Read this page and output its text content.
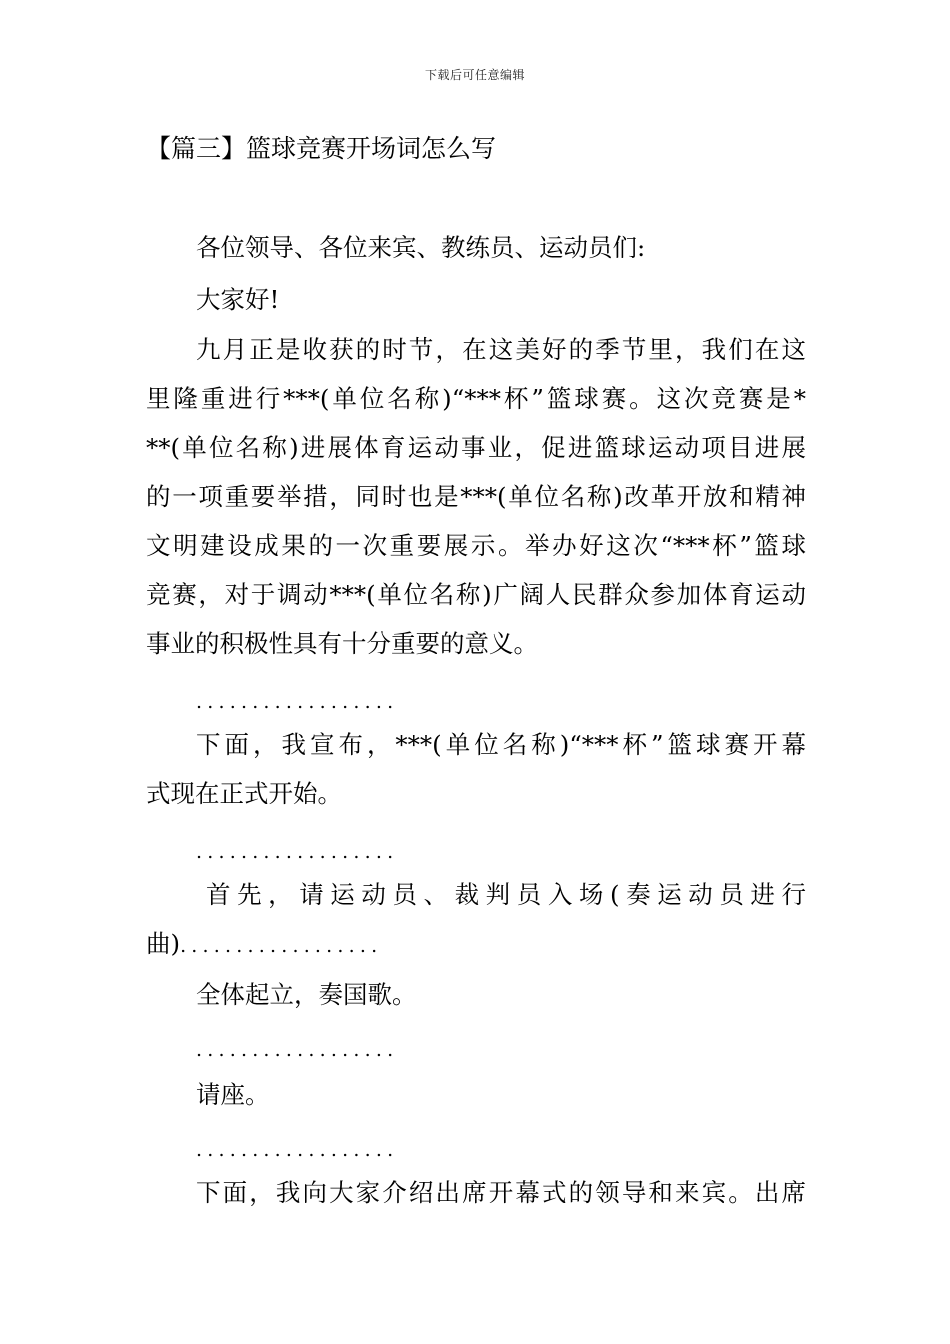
下载后可任意编辑
【篇三】篮球竞赛开场词怎么写
各位领导、各位来宾、教练员、运动员们:
大家好!
九月正是收获的时节，在这美好的季节里，我们在这
里隆重进行***(单位名称)“***杯”篮球赛。这次竞赛是*
**(单位名称)进展体育运动事业，促进篮球运动项目进展
的一项重要举措，同时也是***(单位名称)改革开放和精神
文明建设成果的一次重要展示。举办好这次“***杯”篮球
竞赛，对于调动***(单位名称)广阔人民群众参加体育运动
事业的积极性具有十分重要的意义。
..................
下面，我宣布，***(单位名称)“***杯”篮球赛开幕
式现在正式开始。
..................
首先，请运动员、裁判员入场(奏运动员进行
曲)..................
全体起立，奏国歌。
..................
请座。
..................
下面，我向大家介绍出席开幕式的领导和来宾。出席
